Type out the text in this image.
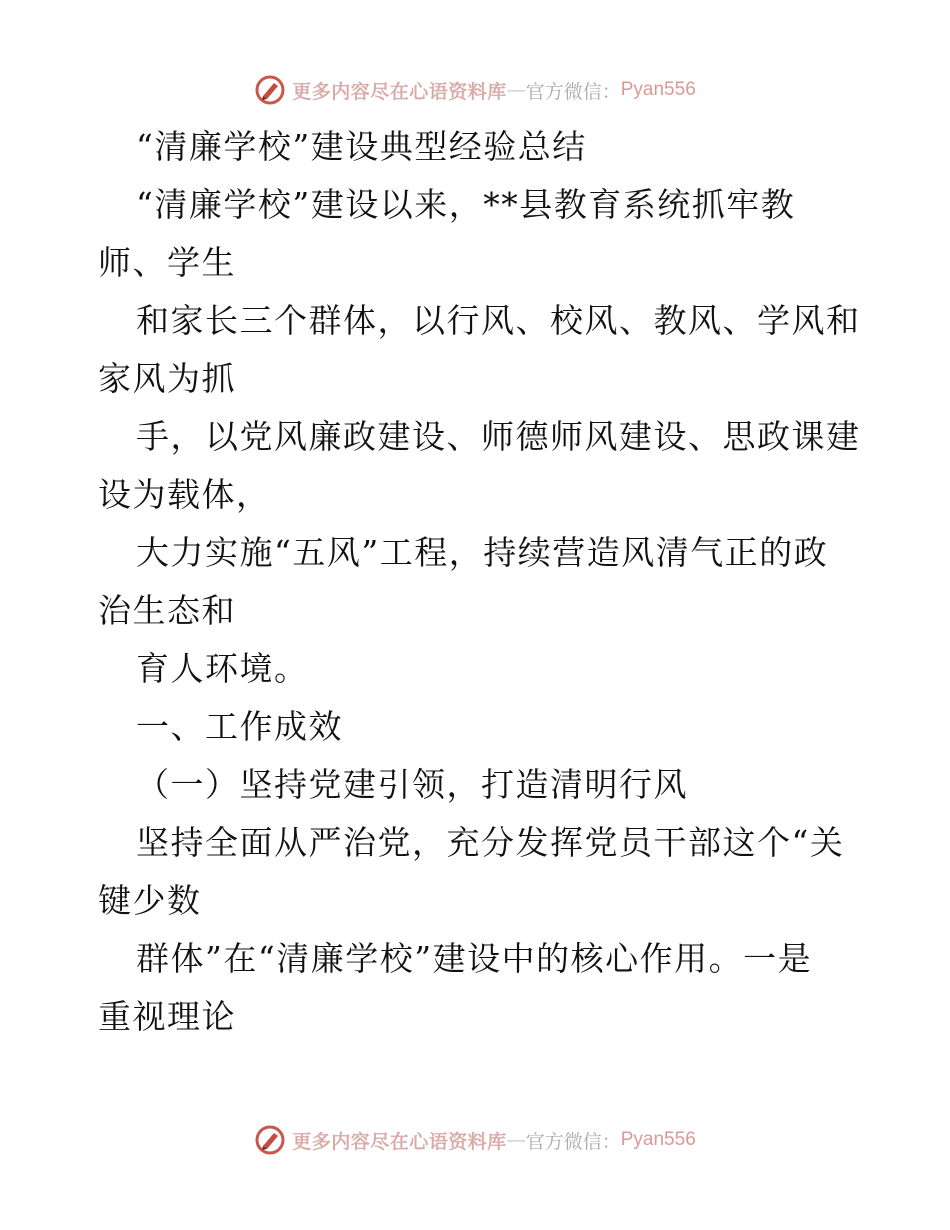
更多内容尽在心语资料库 — 官方微信： Pyan556
“清廉学校”建设典型经验总结
“清廉学校”建设以来，**县教育系统抓牢教
师、学生
和家长三个群体，以行风、校风、教风、学风和
家风为抓
手，以党风廉政建设、师德师风建设、思政课建
设为载体，
大力实施“五风”工程，持续营造风清气正的政
治生态和
育人环境。
一、工作成效
（一）坚持党建引领，打造清明行风
坚持全面从严治党，充分发挥党员干部这个“关
键少数
群体”在“清廉学校”建设中的核心作用。一是
重视理论
更多内容尽在心语资料库 — 官方微信： Pyan556
